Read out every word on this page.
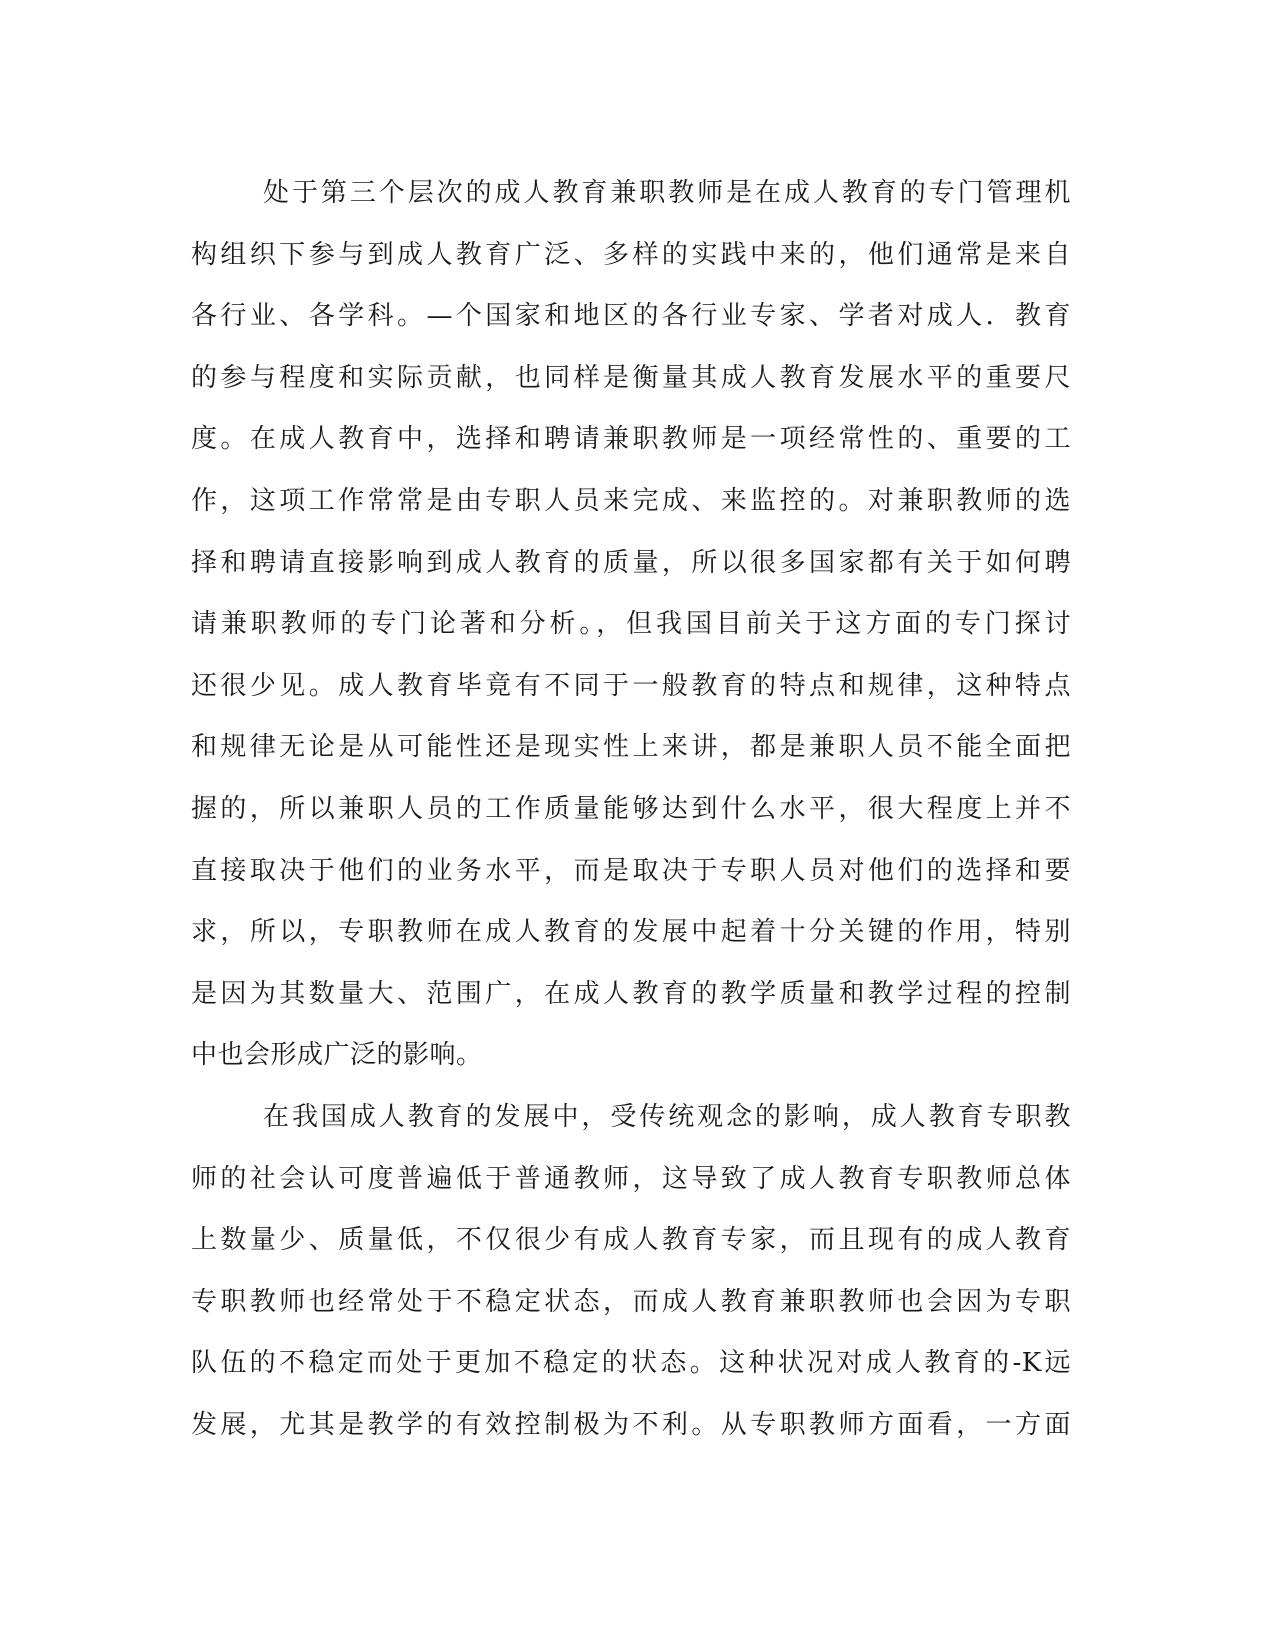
处于第三个层次的成人教育兼职教师是在成人教育的专门管理机
构组织下参与到成人教育广泛、多样的实践中来的，他们通常是来自
各行业、各学科。—个国家和地区的各行业专家、学者对成人．教育
的参与程度和实际贡献，也同样是衡量其成人教育发展水平的重要尺
度。在成人教育中，选择和聘请兼职教师是一项经常性的、重要的工
作，这项工作常常是由专职人员来完成、来监控的。对兼职教师的选
择和聘请直接影响到成人教育的质量，所以很多国家都有关于如何聘
请兼职教师的专门论著和分析。，但我国目前关于这方面的专门探讨
还很少见。成人教育毕竟有不同于一般教育的特点和规律，这种特点
和规律无论是从可能性还是现实性上来讲，都是兼职人员不能全面把
握的，所以兼职人员的工作质量能够达到什么水平，很大程度上并不
直接取决于他们的业务水平，而是取决于专职人员对他们的选择和要
求，所以，专职教师在成人教育的发展中起着十分关键的作用，特别
是因为其数量大、范围广，在成人教育的教学质量和教学过程的控制
中也会形成广泛的影响。
在我国成人教育的发展中，受传统观念的影响，成人教育专职教
师的社会认可度普遍低于普通教师，这导致了成人教育专职教师总体
上数量少、质量低，不仅很少有成人教育专家，而且现有的成人教育
专职教师也经常处于不稳定状态，而成人教育兼职教师也会因为专职
队伍的不稳定而处于更加不稳定的状态。这种状况对成人教育的-K远
发展，尤其是教学的有效控制极为不利。从专职教师方面看，一方面
